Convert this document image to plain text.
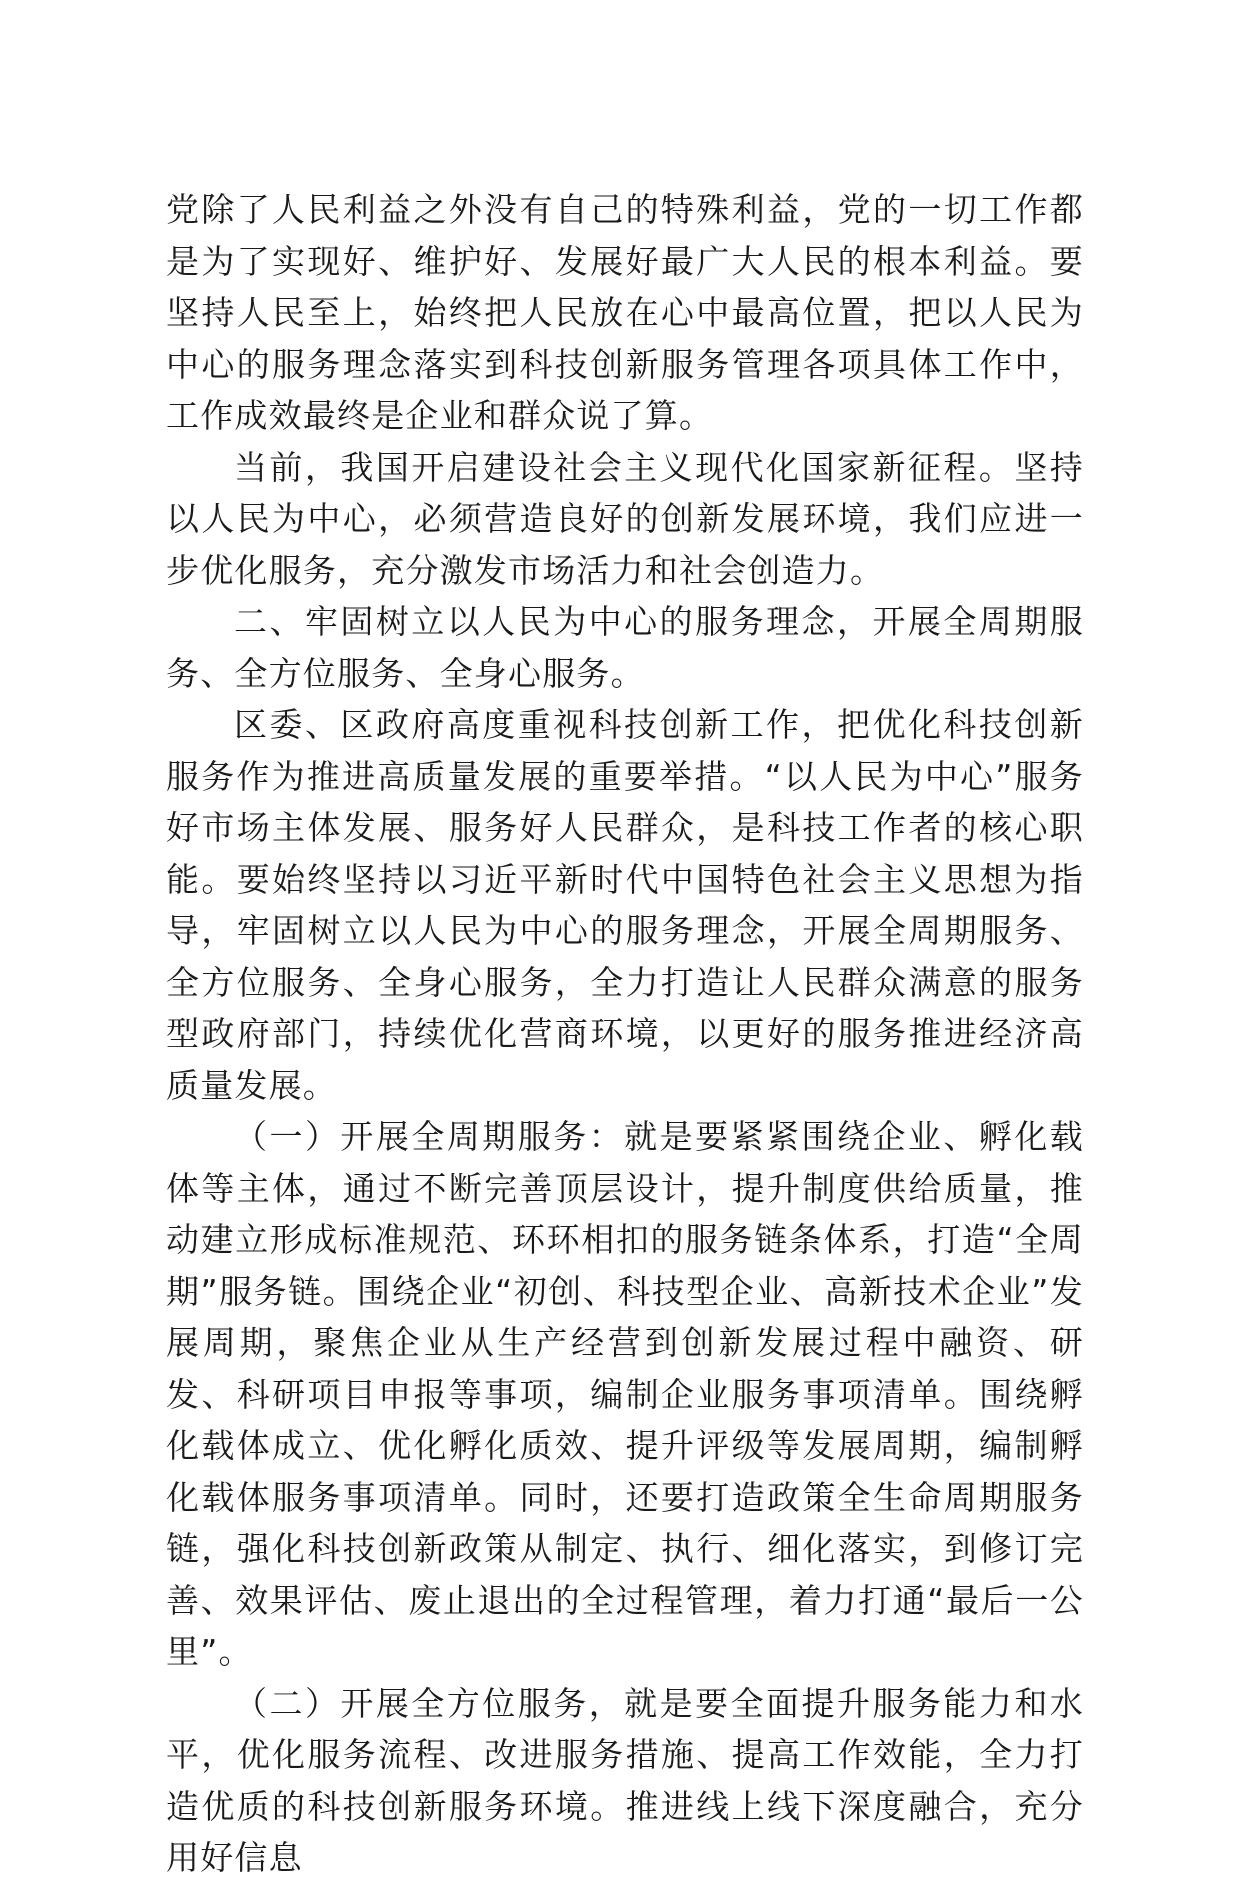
党除了人民利益之外没有自己的特殊利益，党的一切工作都是为了实现好、维护好、发展好最广大人民的根本利益。要坚持人民至上，始终把人民放在心中最高位置，把以人民为中心的服务理念落实到科技创新服务管理各项具体工作中，工作成效最终是企业和群众说了算。

当前，我国开启建设社会主义现代化国家新征程。坚持以人民为中心，必须营造良好的创新发展环境，我们应进一步优化服务，充分激发市场活力和社会创造力。

二、牢固树立以人民为中心的服务理念，开展全周期服务、全方位服务、全身心服务。

区委、区政府高度重视科技创新工作，把优化科技创新服务作为推进高质量发展的重要举措。“以人民为中心”服务好市场主体发展、服务好人民群众，是科技工作者的核心职能。要始终坚持以习近平新时代中国特色社会主义思想为指导，牢固树立以人民为中心的服务理念，开展全周期服务、全方位服务、全身心服务，全力打造让人民群众满意的服务型政府部门，持续优化营商环境，以更好的服务推进经济高质量发展。

（一）开展全周期服务：就是要紧紧围绕企业、孵化载体等主体，通过不断完善顶层设计，提升制度供给质量，推动建立形成标准规范、环环相扣的服务链条体系，打造“全周期”服务链。围绕企业“初创、科技型企业、高新技术企业”发展周期，聚焦企业从生产经营到创新发展过程中融资、研发、科研项目申报等事项，编制企业服务事项清单。围绕孵化载体成立、优化孵化质效、提升评级等发展周期，编制孵化载体服务事项清单。同时，还要打造政策全生命周期服务链，强化科技创新政策从制定、执行、细化落实，到修订完善、效果评估、废止退出的全过程管理，着力打通“最后一公里”。

（二）开展全方位服务，就是要全面提升服务能力和水平，优化服务流程、改进服务措施、提高工作效能，全力打造优质的科技创新服务环境。推进线上线下深度融合，充分用好信息
